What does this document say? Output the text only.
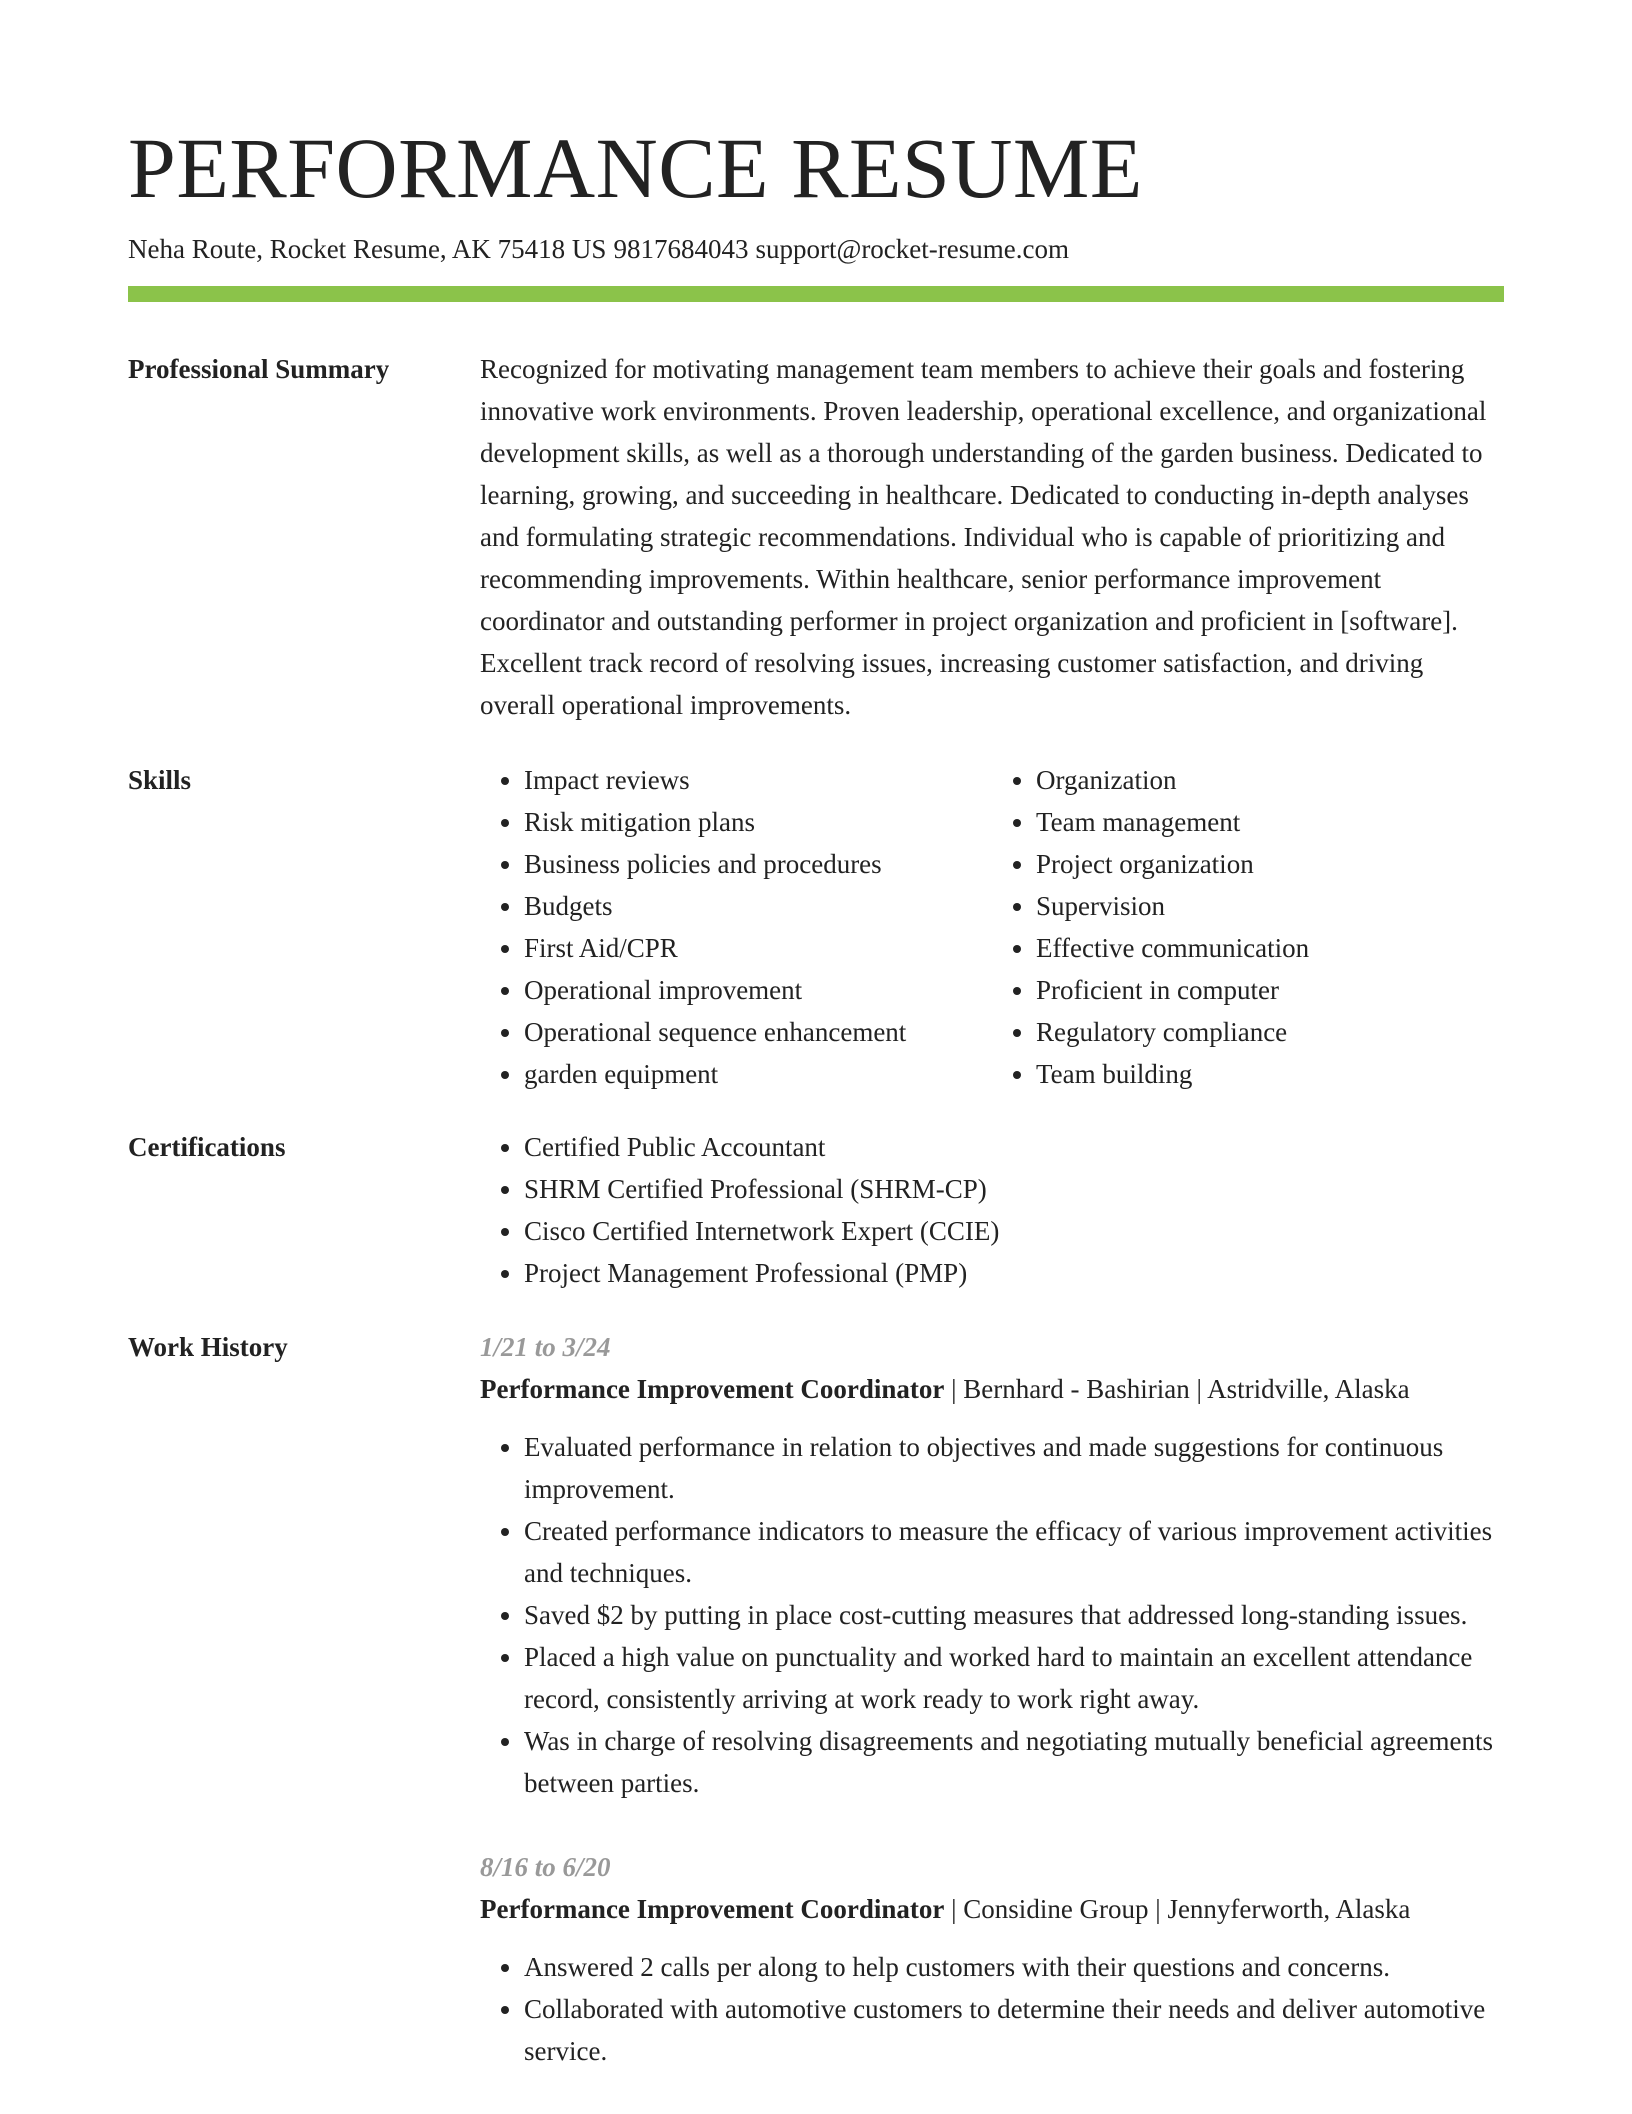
PERFORMANCE RESUME
Neha Route, Rocket Resume, AK 75418 US 9817684043 support@rocket-resume.com
Professional Summary	Recognized for motivating management team members to achieve their goals and fostering innovative work environments. Proven leadership, operational excellence, and organizational development skills, as well as a thorough understanding of the garden business. Dedicated to learning, growing, and succeeding in healthcare. Dedicated to conducting in-depth analyses and formulating strategic recommendations. Individual who is capable of prioritizing and recommending improvements. Within healthcare, senior performance improvement coordinator and outstanding performer in project organization and proficient in [software]. Excellent track record of resolving issues, increasing customer satisfaction, and driving overall operational improvements.

Skills	• Impact reviews
• Risk mitigation plans
• Business policies and procedures
• Budgets
• First Aid/CPR
• Operational improvement
• Operational sequence enhancement
• garden equipment
• Organization
• Team management
• Project organization
• Supervision
• Effective communication
• Proficient in computer
• Regulatory compliance
• Team building
Certifications	• Certified Public Accountant
• SHRM Certified Professional (SHRM-CP)
• Cisco Certified Internetwork Expert (CCIE)
• Project Management Professional (PMP)
Work History	1/21 to 3/24
Performance Improvement Coordinator | Bernhard - Bashirian | Astridville, Alaska
• Evaluated performance in relation to objectives and made suggestions for continuous improvement.
• Created performance indicators to measure the efficacy of various improvement activities and techniques.
• Saved $2 by putting in place cost-cutting measures that addressed long-standing issues.
• Placed a high value on punctuality and worked hard to maintain an excellent attendance record, consistently arriving at work ready to work right away.
• Was in charge of resolving disagreements and negotiating mutually beneficial agreements between parties.
8/16 to 6/20
Performance Improvement Coordinator | Considine Group | Jennyferworth, Alaska
• Answered 2 calls per along to help customers with their questions and concerns.
• Collaborated with automotive customers to determine their needs and deliver automotive service.
